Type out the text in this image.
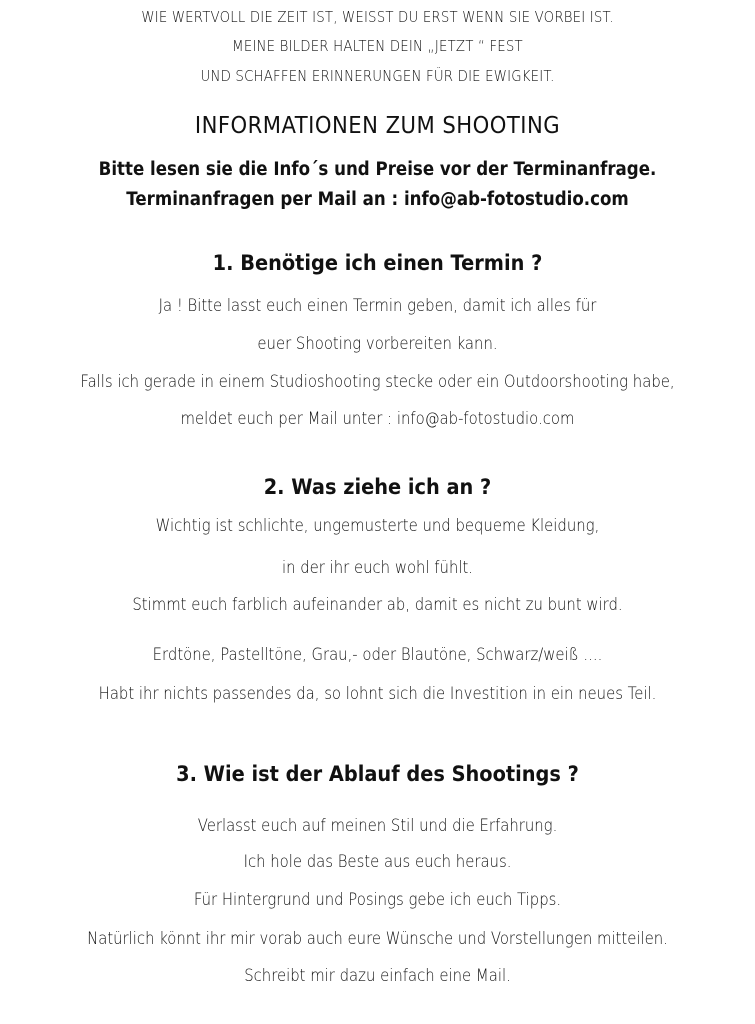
WIE WERTVOLL DIE ZEIT IST, WEISST DU ERST WENN SIE VORBEI IST.

MEINE BILDER HALTEN DEIN „JETZT “ FEST

UND SCHAFFEN ERINNERUNGEN FÜR DIE EWIGKEIT.

INFORMATIONEN ZUM SHOOTING

Bitte lesen sie die Info´s und Preise vor der Terminanfrage.

Terminanfragen per Mail an : info@ab-fotostudio.com

1. Benötige ich einen Termin ?

Ja ! Bitte lasst euch einen Termin geben, damit ich alles für

euer Shooting vorbereiten kann.

Falls ich gerade in einem Studioshooting stecke oder ein Outdoorshooting habe,

meldet euch per Mail unter : info@ab-fotostudio.com

2. Was ziehe ich an ?

Wichtig ist schlichte, ungemusterte und bequeme Kleidung,

in der ihr euch wohl fühlt.

Stimmt euch farblich aufeinander ab, damit es nicht zu bunt wird.

Erdtöne, Pastelltöne, Grau,- oder Blautöne, Schwarz/weiß ....

Habt ihr nichts passendes da, so lohnt sich die Investition in ein neues Teil.

3. Wie ist der Ablauf des Shootings ?

Verlasst euch auf meinen Stil und die Erfahrung.

Ich hole das Beste aus euch heraus.

Für Hintergrund und Posings gebe ich euch Tipps.

Natürlich könnt ihr mir vorab auch eure Wünsche und Vorstellungen mitteilen.

Schreibt mir dazu einfach eine Mail.
